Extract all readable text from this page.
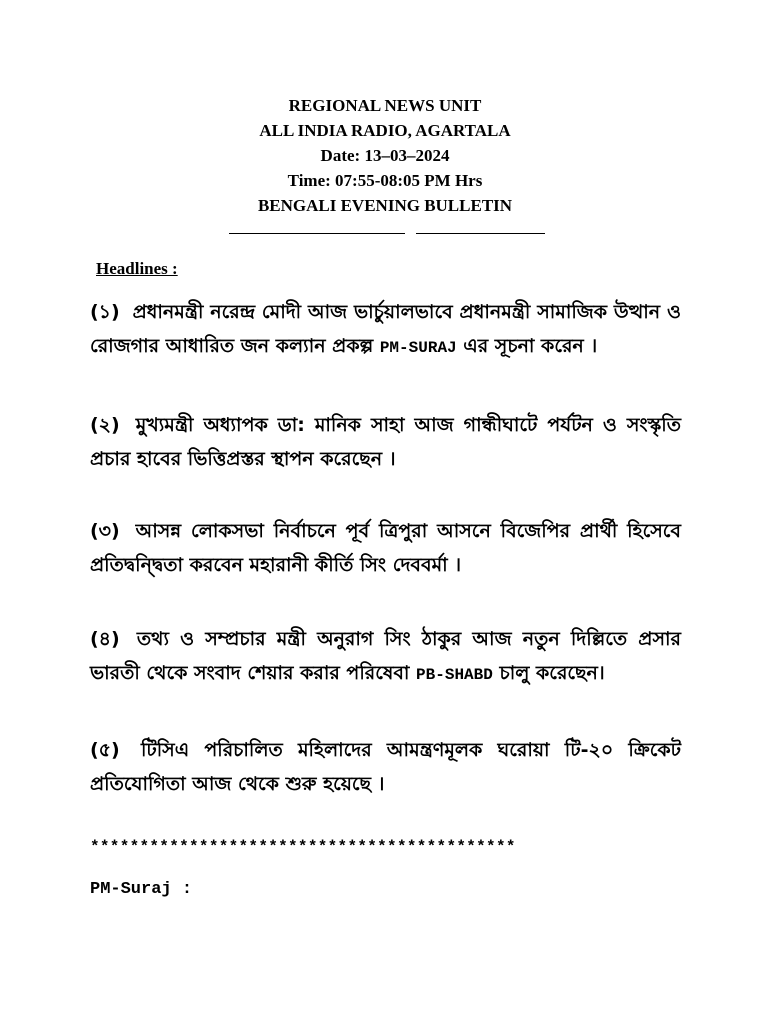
REGIONAL NEWS UNIT
ALL INDIA RADIO, AGARTALA
Date: 13–03–2024
Time: 07:55-08:05 PM Hrs
BENGALI EVENING BULLETIN
Headlines :
(১) প্রধানমন্ত্রী নরেন্দ্র মোদী আজ ভার্চুয়ালভাবে প্রধানমন্ত্রী সামাজিক উত্থান ও রোজগার আধারিত জন কল্যান প্রকল্প PM-SURAJ এর সূচনা করেন ।
(২) মুখ্যমন্ত্রী অধ্যাপক ডা: মানিক সাহা আজ গান্ধীঘাটে পর্যটন ও সংস্কৃতি প্রচার হাবের ভিত্তিপ্রস্তর স্থাপন করেছেন ।
(৩) আসন্ন লোকসভা নির্বাচনে পূর্ব ত্রিপুরা আসনে বিজেপির প্রার্থী হিসেবে প্রতিদ্বন্দ্বিতা করবেন মহারানী কীর্তি সিং দেববর্মা ।
(৪) তথ্য ও সম্প্রচার মন্ত্রী অনুরাগ সিং ঠাকুর আজ নতুন দিল্লিতে প্রসার ভারতী থেকে সংবাদ শেয়ার করার পরিষেবা PB-SHABD চালু করেছেন।
(৫) টিসিএ পরিচালিত মহিলাদের আমন্ত্রণমূলক ঘরোয়া টি-২০ ক্রিকেট প্রতিযোগিতা আজ থেকে শুরু হয়েছে ।
*******************************************
PM-Suraj :
